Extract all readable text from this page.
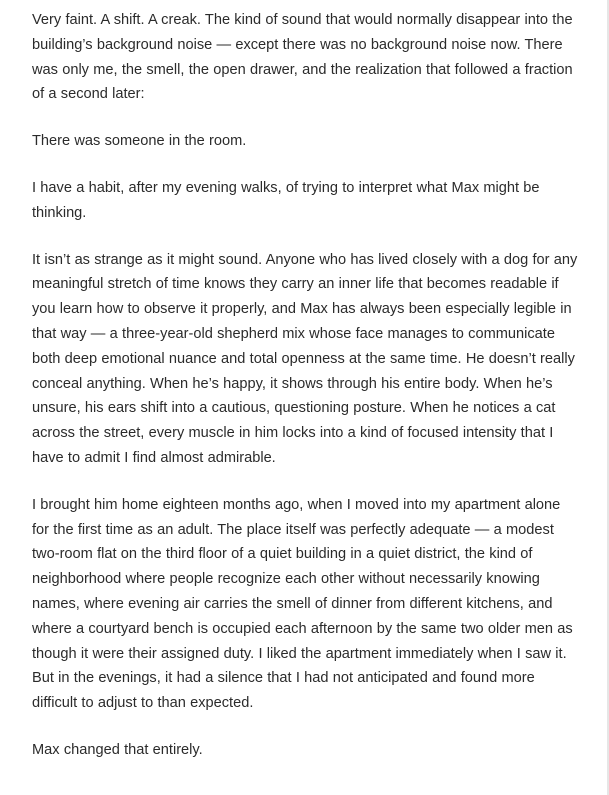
Very faint. A shift. A creak. The kind of sound that would normally disappear into the building’s background noise — except there was no background noise now. There was only me, the smell, the open drawer, and the realization that followed a fraction of a second later:

There was someone in the room.

I have a habit, after my evening walks, of trying to interpret what Max might be thinking.

It isn’t as strange as it might sound. Anyone who has lived closely with a dog for any meaningful stretch of time knows they carry an inner life that becomes readable if you learn how to observe it properly, and Max has always been especially legible in that way — a three-year-old shepherd mix whose face manages to communicate both deep emotional nuance and total openness at the same time. He doesn’t really conceal anything. When he’s happy, it shows through his entire body. When he’s unsure, his ears shift into a cautious, questioning posture. When he notices a cat across the street, every muscle in him locks into a kind of focused intensity that I have to admit I find almost admirable.

I brought him home eighteen months ago, when I moved into my apartment alone for the first time as an adult. The place itself was perfectly adequate — a modest two-room flat on the third floor of a quiet building in a quiet district, the kind of neighborhood where people recognize each other without necessarily knowing names, where evening air carries the smell of dinner from different kitchens, and where a courtyard bench is occupied each afternoon by the same two older men as though it were their assigned duty. I liked the apartment immediately when I saw it. But in the evenings, it had a silence that I had not anticipated and found more difficult to adjust to than expected.

Max changed that entirely.
